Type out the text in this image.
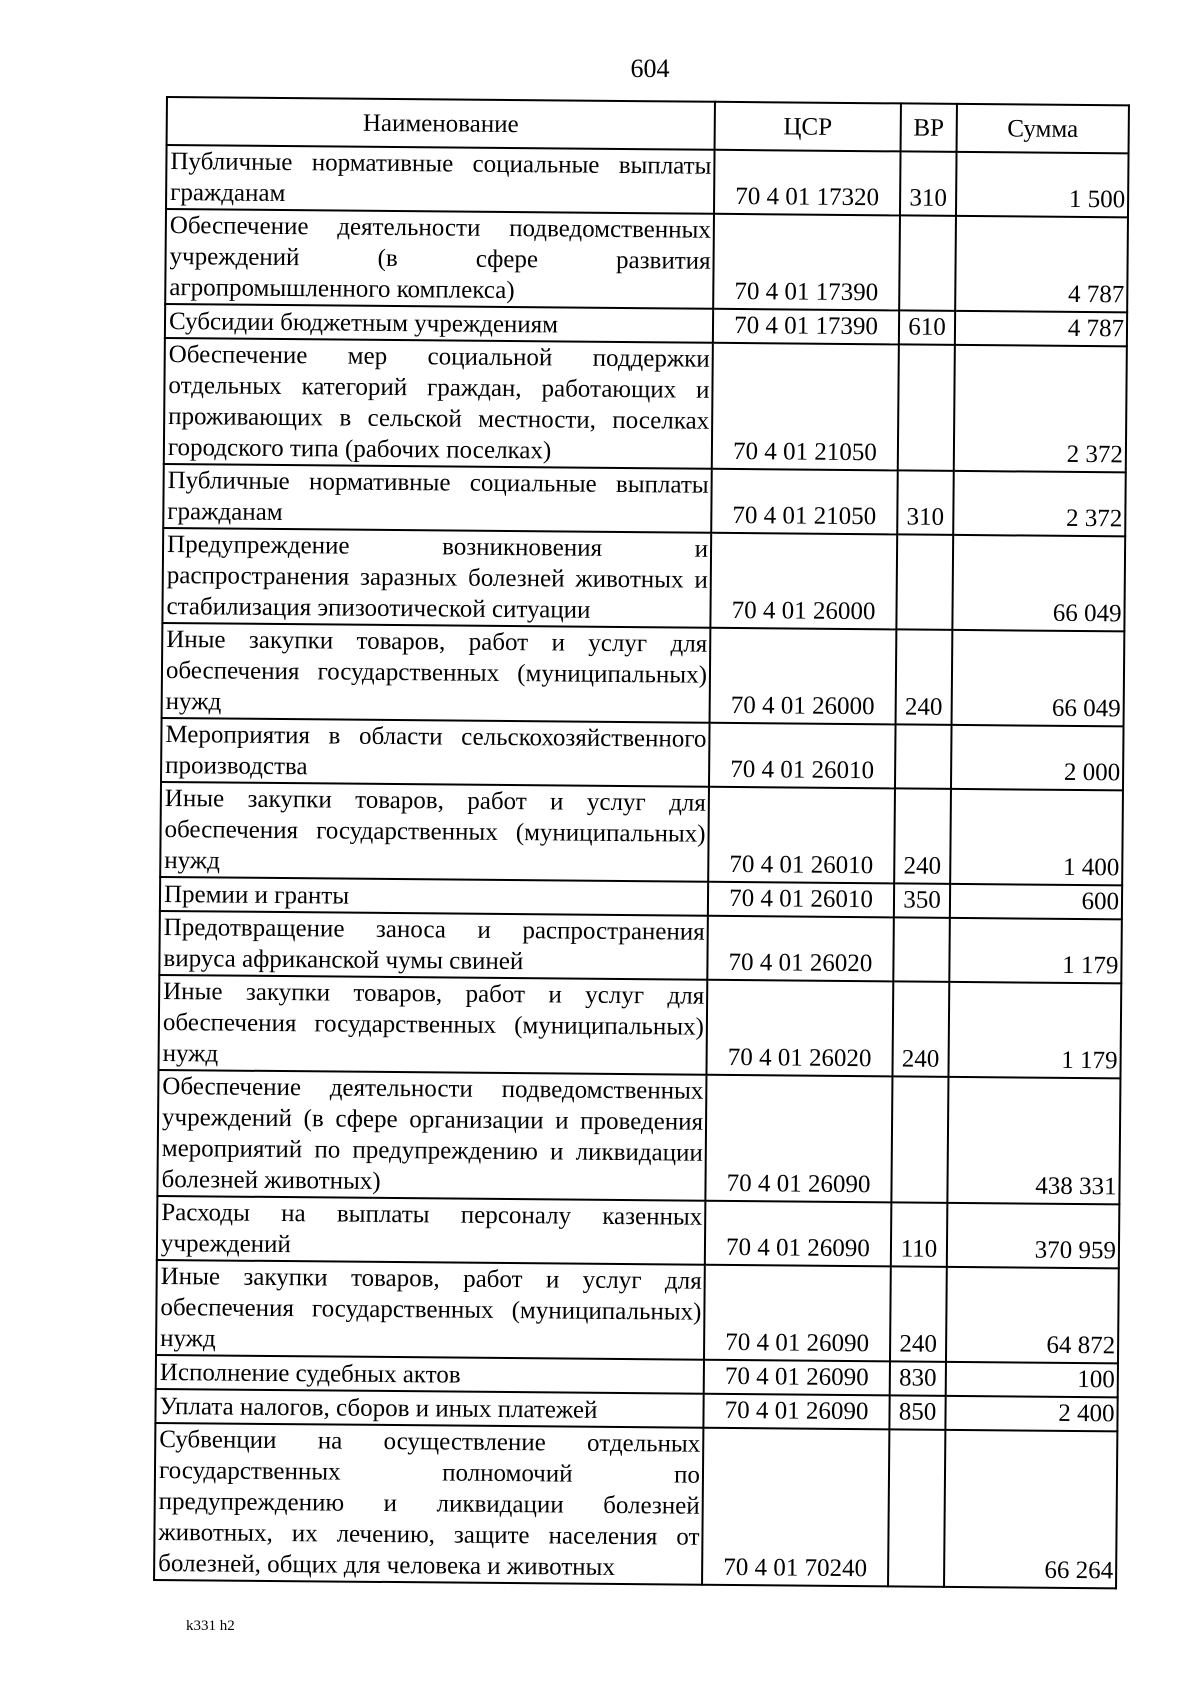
604
Наименование	ЦСР	ВР	Сумма
Публичные нормативные социальные выплаты гражданам	70 4 01 17320	310	1 500
Обеспечение деятельности подведомственных учреждений (в сфере развития агропромышленного комплекса)	70 4 01 17390		4 787
Субсидии бюджетным учреждениям	70 4 01 17390	610	4 787
Обеспечение мер социальной поддержки отдельных категорий граждан, работающих и проживающих в сельской местности, поселках городского типа (рабочих поселках)	70 4 01 21050		2 372
Публичные нормативные социальные выплаты гражданам	70 4 01 21050	310	2 372
Предупреждение возникновения и распространения заразных болезней животных и стабилизация эпизоотической ситуации	70 4 01 26000		66 049
Иные закупки товаров, работ и услуг для обеспечения государственных (муниципальных) нужд	70 4 01 26000	240	66 049
Мероприятия в области сельскохозяйственного производства	70 4 01 26010		2 000
Иные закупки товаров, работ и услуг для обеспечения государственных (муниципальных) нужд	70 4 01 26010	240	1 400
Премии и гранты	70 4 01 26010	350	600
Предотвращение заноса и распространения вируса африканской чумы свиней	70 4 01 26020		1 179
Иные закупки товаров, работ и услуг для обеспечения государственных (муниципальных) нужд	70 4 01 26020	240	1 179
Обеспечение деятельности подведомственных учреждений (в сфере организации и проведения мероприятий по предупреждению и ликвидации болезней животных)	70 4 01 26090		438 331
Расходы на выплаты персоналу казенных учреждений	70 4 01 26090	110	370 959
Иные закупки товаров, работ и услуг для обеспечения государственных (муниципальных) нужд	70 4 01 26090	240	64 872
Исполнение судебных актов	70 4 01 26090	830	100
Уплата налогов, сборов и иных платежей	70 4 01 26090	850	2 400
Субвенции на осуществление отдельных государственных полномочий по предупреждению и ликвидации болезней животных, их лечению, защите населения от болезней, общих для человека и животных	70 4 01 70240		66 264
k331 h2
